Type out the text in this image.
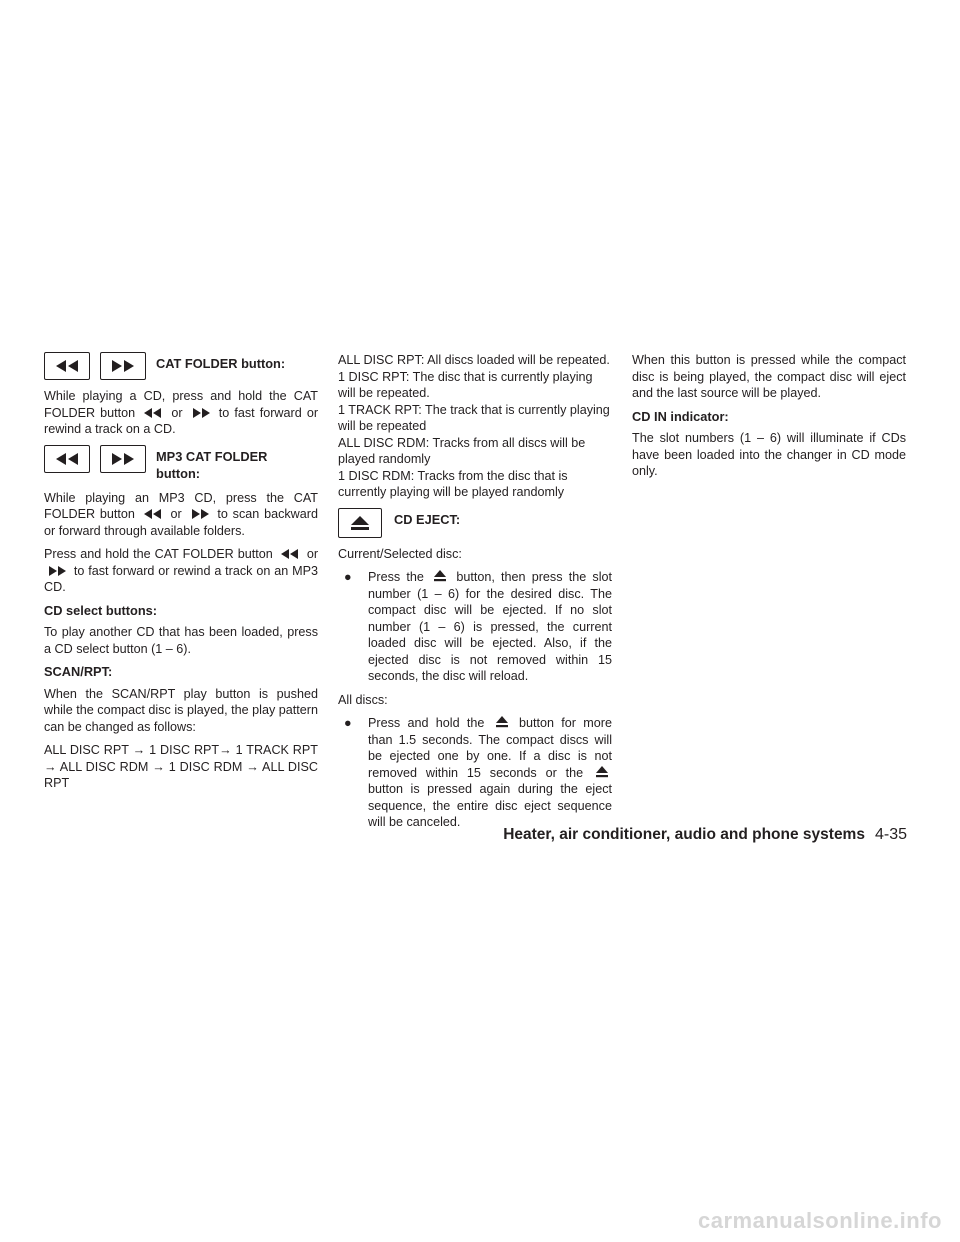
CAT FOLDER button:

While playing a CD, press and hold the CAT FOLDER button	or	to fast forward or rewind a track on a CD.

MP3 CAT FOLDER button:

While playing an MP3 CD, press the CAT FOLDER button	or	to scan backward or forward through available folders.

Press and hold the CAT FOLDER button	or  to fast forward or rewind a track on an MP3 CD.

CD select buttons:

To play another CD that has been loaded, press a CD select button (1 – 6).

SCAN/RPT:

When the SCAN/RPT play button is pushed while the compact disc is played, the play pattern can be changed as follows:

ALL DISC RPT → 1 DISC RPT→ 1 TRACK RPT → ALL DISC RDM → 1 DISC RDM → ALL DISC RPT

ALL DISC RPT: All discs loaded will be repeated.
1 DISC RPT: The disc that is currently playing will be repeated.
1 TRACK RPT: The track that is currently playing will be repeated
ALL DISC RDM: Tracks from all discs will be played randomly
1 DISC RDM: Tracks from the disc that is currently playing will be played randomly
CD EJECT:

Current/Selected disc:

●	Press the	button, then press the slot number (1 – 6) for the desired disc. The compact disc will be ejected. If no slot number (1 – 6) is pressed, the current loaded disc will be ejected. Also, if the ejected disc is not removed within 15 seconds, the disc will reload.

All discs:

●	Press and hold the	button for more than 1.5 seconds. The compact discs will be ejected one by one. If a disc is not removed within 15 seconds or the  button is pressed again during the eject sequence, the entire disc eject sequence will be canceled.

When this button is pressed while the compact disc is being played, the compact disc will eject and the last source will be played.

CD IN indicator:

The slot numbers (1 – 6) will illuminate if CDs have been loaded into the changer in CD mode only.

Heater, air conditioner, audio and phone systems 4-35
carmanualsonline.info
